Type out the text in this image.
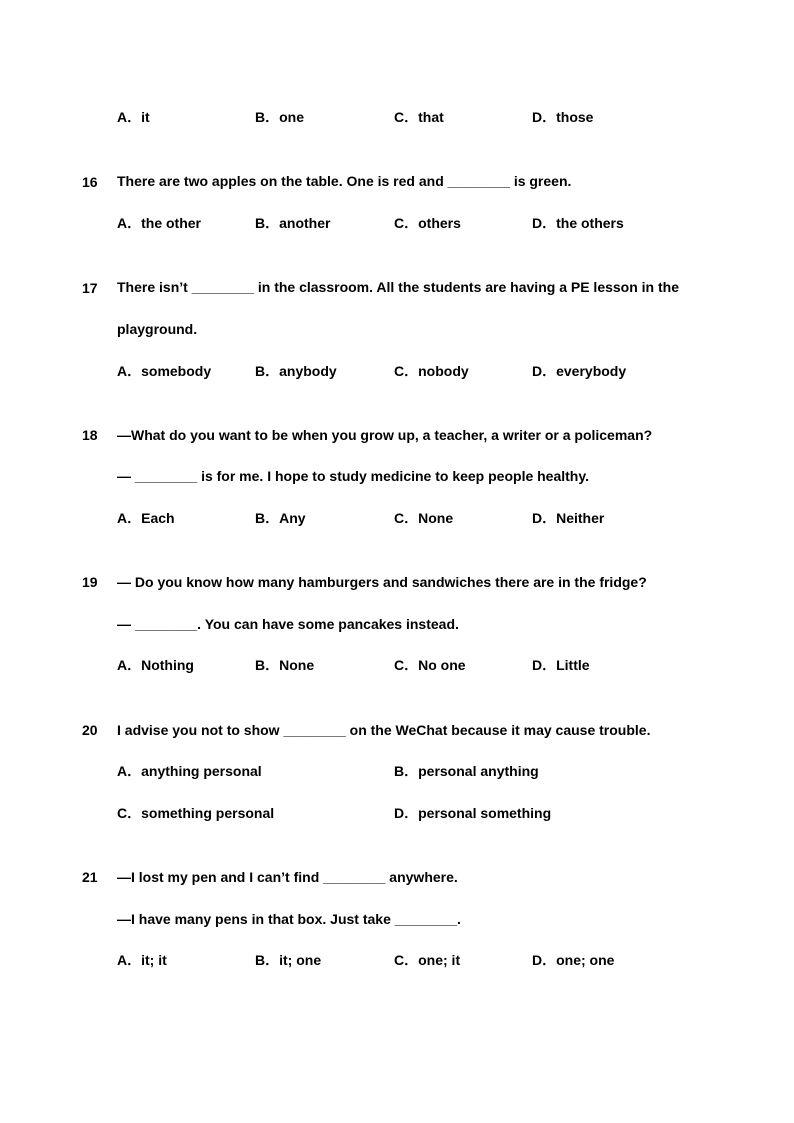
A．it	B．one	C．that	D．those
16 There are two apples on the table. One is red and ________ is green.
A．the other	B．another	C．others	D．the others
17 There isn’t ________ in the classroom. All the students are having a PE lesson in the
playground.
A．somebody	B．anybody	C．nobody	D．everybody
18 —What do you want to be when you grow up, a teacher, a writer or a policeman?
— ________ is for me. I hope to study medicine to keep people healthy.
A．Each	B．Any	C．None	D．Neither
19 — Do you know how many hamburgers and sandwiches there are in the fridge?
— ________. You can have some pancakes instead.
A．Nothing	B．None	C．No one	D．Little
20 I advise you not to show ________ on the WeChat because it may cause trouble.
A．anything personal	B．personal anything
C．something personal	D．personal something
21 —I lost my pen and I can’t find ________ anywhere.
—I have many pens in that box. Just take ________.
A．it; it	B．it; one	C．one; it	D．one; one
